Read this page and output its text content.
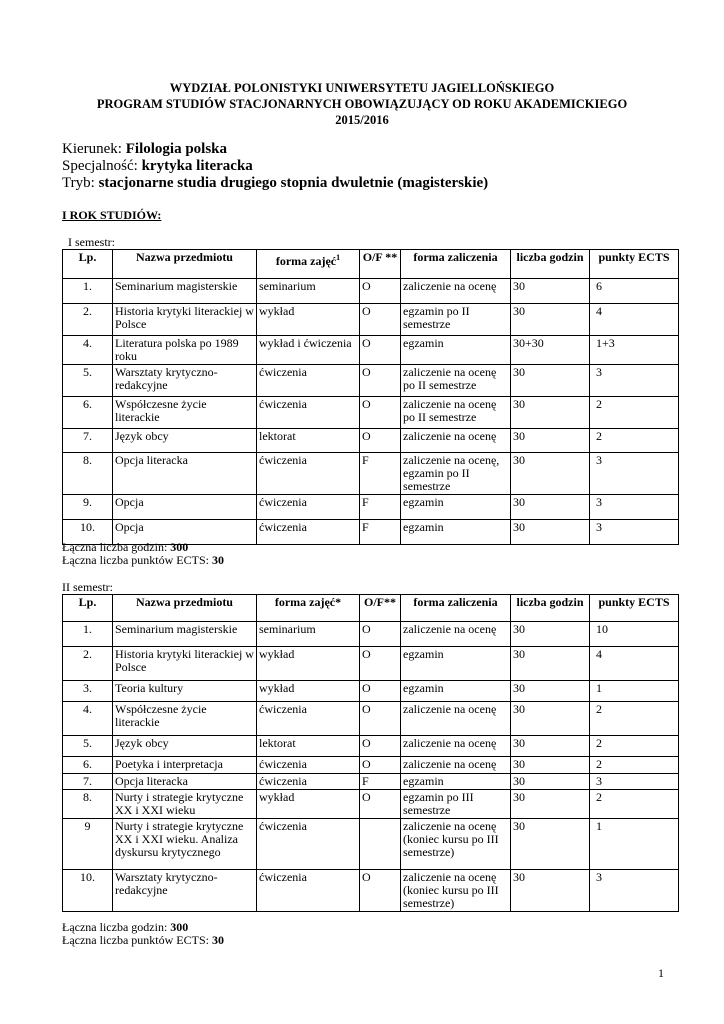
WYDZIAŁ POLONISTYKI UNIWERSYTETU JAGIELLOŃSKIEGO
PROGRAM STUDIÓW STACJONARNYCH OBOWIĄZUJĄCY OD ROKU AKADEMICKIEGO
2015/2016
Kierunek: Filologia polska
Specjalność: krytyka literacka
Tryb: stacjonarne studia drugiego stopnia dwuletnie (magisterskie)
I ROK STUDIÓW:
I semestr:
Lp.	Nazwa przedmiotu	forma zajęć$^1$	O/F **	forma zaliczenia	liczba godzin	punkty ECTS
1.	Seminarium magisterskie	seminarium	O	zaliczenie na ocenę	30	6
2.	Historia krytyki literackiej w Polsce	wykład	O	egzamin po II semestrze	30	4
4.	Literatura polska po 1989 roku	wykład i ćwiczenia	O	egzamin	30+30	1+3
5.	Warsztaty krytyczno-redakcyjne	ćwiczenia	O	zaliczenie na ocenę po II semestrze	30	3
6.	Współczesne życie literackie	ćwiczenia	O	zaliczenie na ocenę po II semestrze	30	2
7.	Język obcy	lektorat	O	zaliczenie na ocenę	30	2
8.	Opcja literacka	ćwiczenia	F	zaliczenie na ocenę, egzamin po II semestrze	30	3
9.	Opcja	ćwiczenia	F	egzamin	30	3
10.	Opcja	ćwiczenia	F	egzamin	30	3
Łączna liczba godzin: 300
Łączna liczba punktów ECTS: 30
II semestr:
Lp.	Nazwa przedmiotu	forma zajęć*	O/F**	forma zaliczenia	liczba godzin	punkty ECTS
1.	Seminarium magisterskie	seminarium	O	zaliczenie na ocenę	30	10
2.	Historia krytyki literackiej w Polsce	wykład	O	egzamin	30	4
3.	Teoria kultury	wykład	O	egzamin	30	1
4.	Współczesne życie literackie	ćwiczenia	O	zaliczenie na ocenę	30	2
5.	Język obcy	lektorat	O	zaliczenie na ocenę	30	2
6.	Poetyka i interpretacja	ćwiczenia	O	zaliczenie na ocenę	30	2
7.	Opcja literacka	ćwiczenia	F	egzamin	30	3
8.	Nurty i strategie krytyczne XX i XXI wieku	wykład	O	egzamin po III semestrze	30	2
9	Nurty i strategie krytyczne XX i XXI wieku. Analiza dyskursu krytycznego	ćwiczenia		zaliczenie na ocenę (koniec kursu po III semestrze)	30	1
10.	Warsztaty krytyczno-redakcyjne	ćwiczenia	O	zaliczenie na ocenę (koniec kursu po III semestrze)	30	3
Łączna liczba godzin: 300
Łączna liczba punktów ECTS: 30
1
